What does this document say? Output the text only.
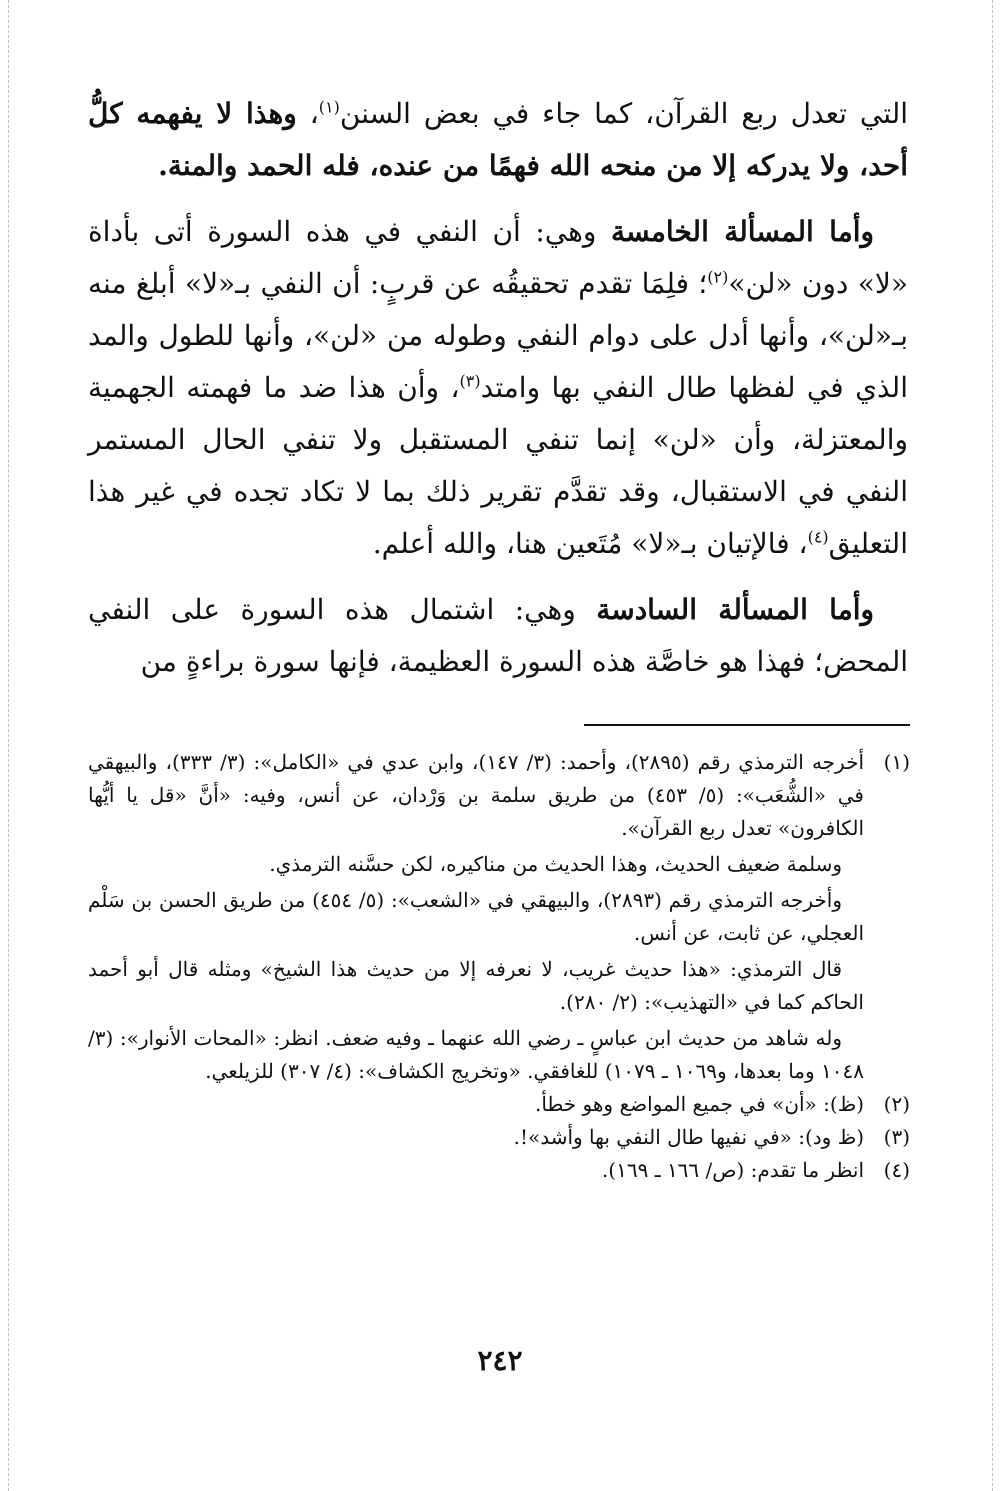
التي تعدل ربع القرآن، كما جاء في بعض السنن$^{(١)}$، وهذا لا يفهمه كلُّ أحد، ولا يدركه إلا من منحه الله فهمًا من عنده، فله الحمد والمنة.

وأما المسألة الخامسة وهي: أن النفي في هذه السورة أتى بأداة «لا» دون «لن»$^{(٢)}$؛ فلِمَا تقدم تحقيقُه عن قربٍ: أن النفي بـ«لا» أبلغ منه بـ«لن»، وأنها أدل على دوام النفي وطوله من «لن»، وأنها للطول والمد الذي في لفظها طال النفي بها وامتد$^{(٣)}$، وأن هذا ضد ما فهمته الجهمية والمعتزلة، وأن «لن» إنما تنفي المستقبل ولا تنفي الحال المستمر النفي في الاستقبال، وقد تقدَّم تقرير ذلك بما لا تكاد تجده في غير هذا التعليق$^{(٤)}$، فالإتيان بـ«لا» مُتَعين هنا، والله أعلم.

وأما المسألة السادسة وهي: اشتمال هذه السورة على النفي المحض؛ فهذا هو خاصَّة هذه السورة العظيمة، فإنها سورة براءةٍ من

(١)
أخرجه الترمذي رقم (٢٨٩٥)، وأحمد: (٣/ ١٤٧)، وابن عدي في «الكامل»: (٣/ ٣٣٣)، والبيهقي في «الشُّعَب»: (٥/ ٤٥٣) من طريق سلمة بن وَرْدان، عن أنس، وفيه: «أنَّ «قل يا أيُّها الكافرون» تعدل ربع القرآن».
وسلمة ضعيف الحديث، وهذا الحديث من مناكيره، لكن حسَّنه الترمذي.
وأخرجه الترمذي رقم (٢٨٩٣)، والبيهقي في «الشعب»: (٥/ ٤٥٤) من طريق الحسن بن سَلْم العجلي، عن ثابت، عن أنس.
قال الترمذي: «هذا حديث غريب، لا نعرفه إلا من حديث هذا الشيخ» ومثله قال أبو أحمد الحاكم كما في «التهذيب»: (٢/ ٢٨٠).
وله شاهد من حديث ابن عباسٍ ـ رضي الله عنهما ـ وفيه ضعف. انظر: «المحات الأنوار»: (٣/ ١٠٤٨ وما بعدها، و١٠٦٩ ـ ١٠٧٩) للغافقي. «وتخريج الكشاف»: (٤/ ٣٠٧) للزيلعي.
(٢)
(ظ): «أن» في جميع المواضع وهو خطأ.
(٣)
(ظ ود): «في نفيها طال النفي بها وأشد»!.
(٤)
انظر ما تقدم: (ص/ ١٦٦ ـ ١٦٩).
٢٤٢
